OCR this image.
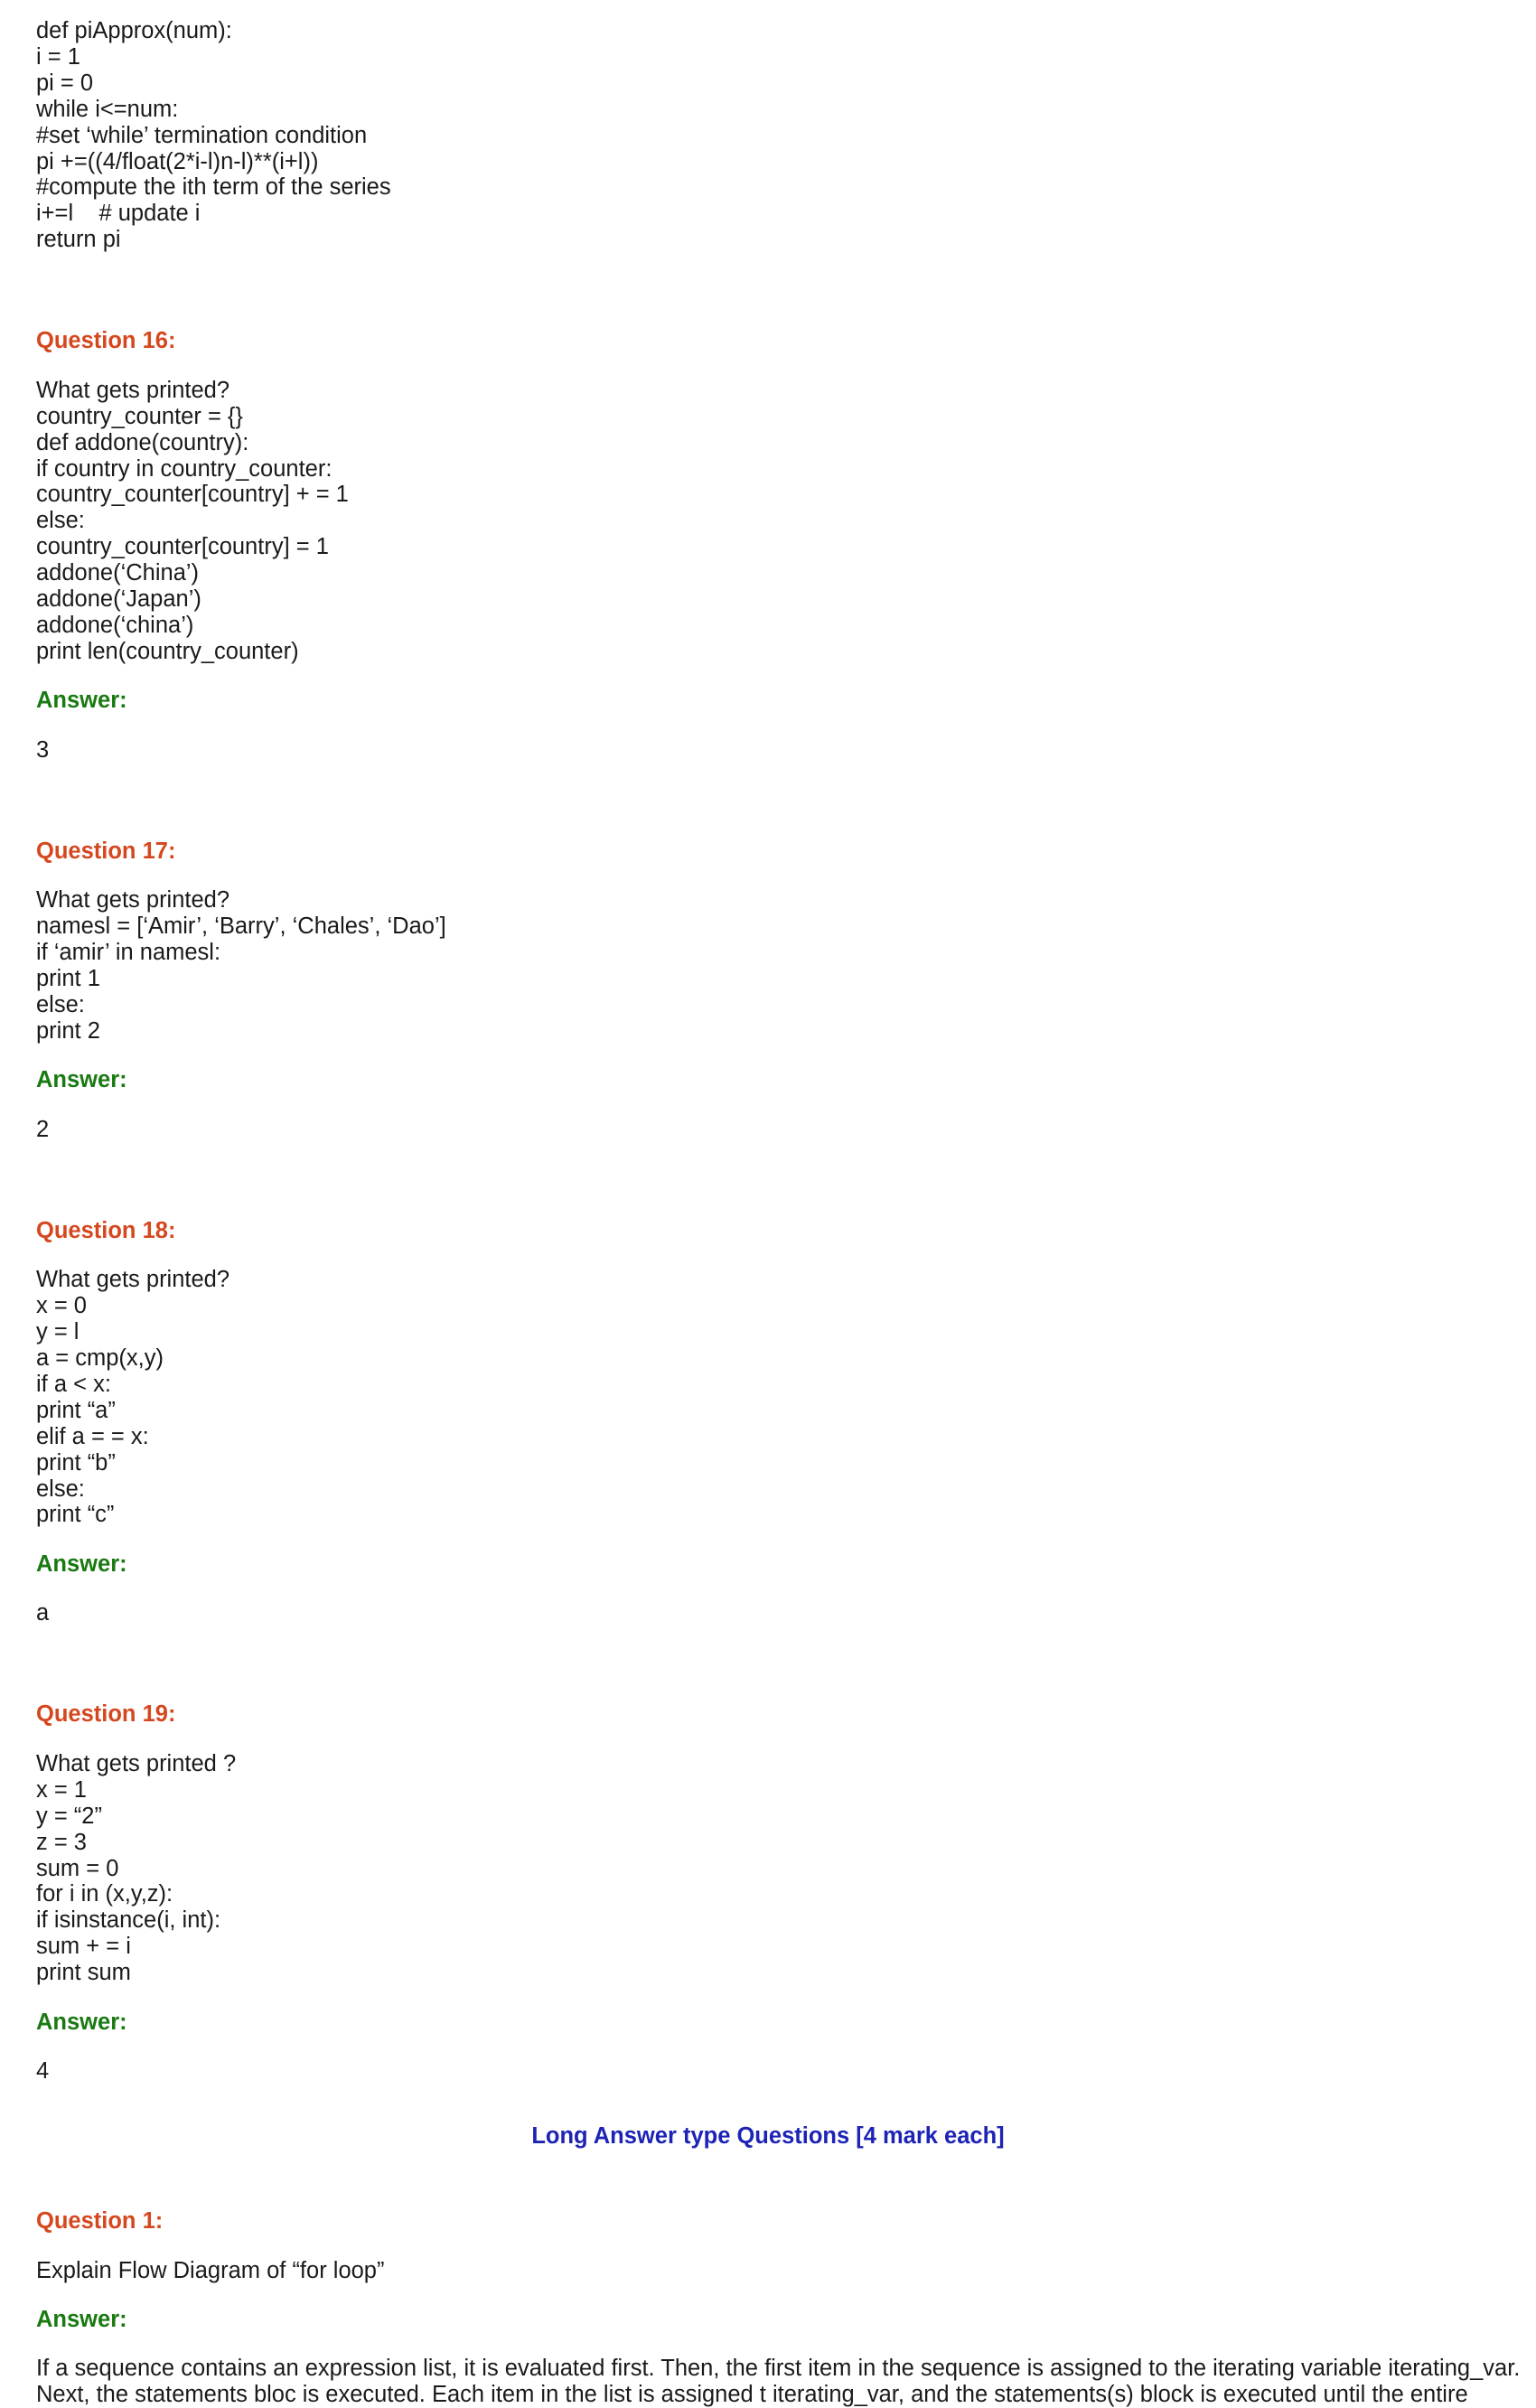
def piApprox(num):

i = 1

pi = 0

while i<=num:

#set ‘while’ termination condition

pi +=((4/float(2*i-l)n-l)**(i+l))

#compute the ith term of the series

i+=l    # update i

return pi

Question 16:

What gets printed?

country_counter = {}

def addone(country):

if country in country_counter:

country_counter[country] + = 1

else:

country_counter[country] = 1

addone(‘China’)

addone(‘Japan’)

addone(‘china’)

print len(country_counter)

Answer:

3

Question 17:

What gets printed?

namesl = [‘Amir’, ‘Barry’, ‘Chales’, ‘Dao’]

if ‘amir’ in namesl:

print 1

else:

print 2

Answer:

2

Question 18:

What gets printed?

x = 0

y = l

a = cmp(x,y)

if a < x:

print “a”

elif a = = x:

print “b”

else:

print “c”

Answer:

a

Question 19:

What gets printed ?

x = 1

y = “2”

z = 3

sum = 0

for i in (x,y,z):

if isinstance(i, int):

sum + = i

print sum

Answer:

4

Long Answer type Questions [4 mark each]

Question 1:

Explain Flow Diagram of “for loop”

Answer:

If a sequence contains an expression list, it is evaluated first. Then, the first item in the sequence is assigned to the iterating variable iterating_var.

Next, the statements bloc is executed. Each item in the list is assigned t iterating_var, and the statements(s) block is executed until the entire
